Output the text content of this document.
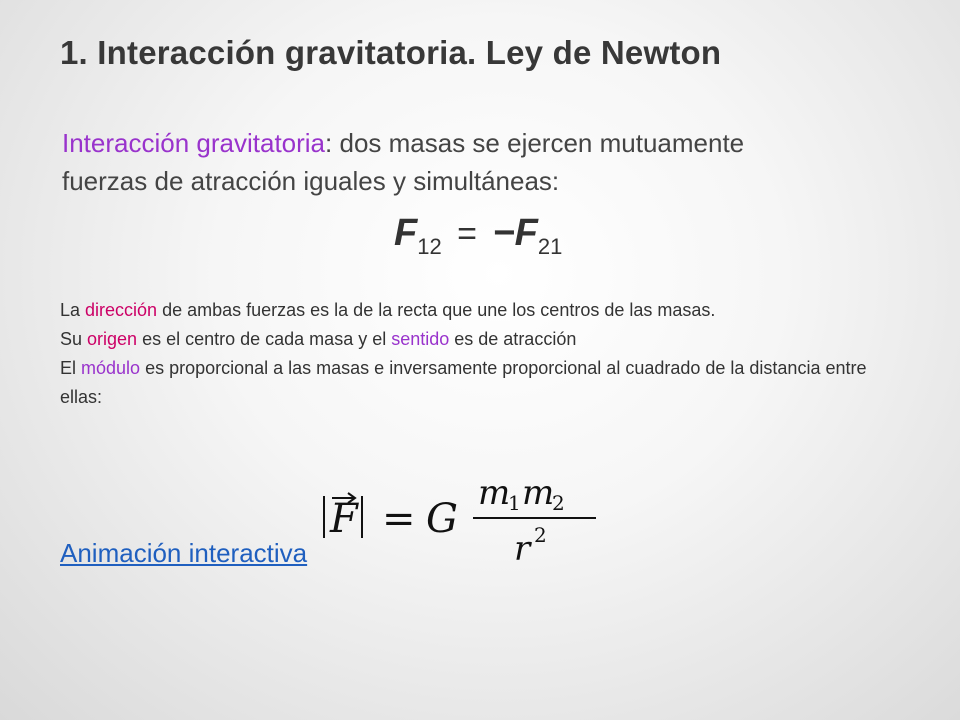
1. Interacción gravitatoria. Ley de Newton
Interacción gravitatoria: dos masas se ejercen mutuamente
fuerzas de atracción iguales y simultáneas:
$F_{12} = -F_{21}$

La dirección de ambas fuerzas es la de la recta que une los centros de las masas.

Su origen es el centro de cada masa y el sentido es de atracción

El módulo es proporcional a las masas e inversamente proporcional al cuadrado de la distancia entre ellas:

F = G
m
1 m
2
r 2
Animación interactiva
